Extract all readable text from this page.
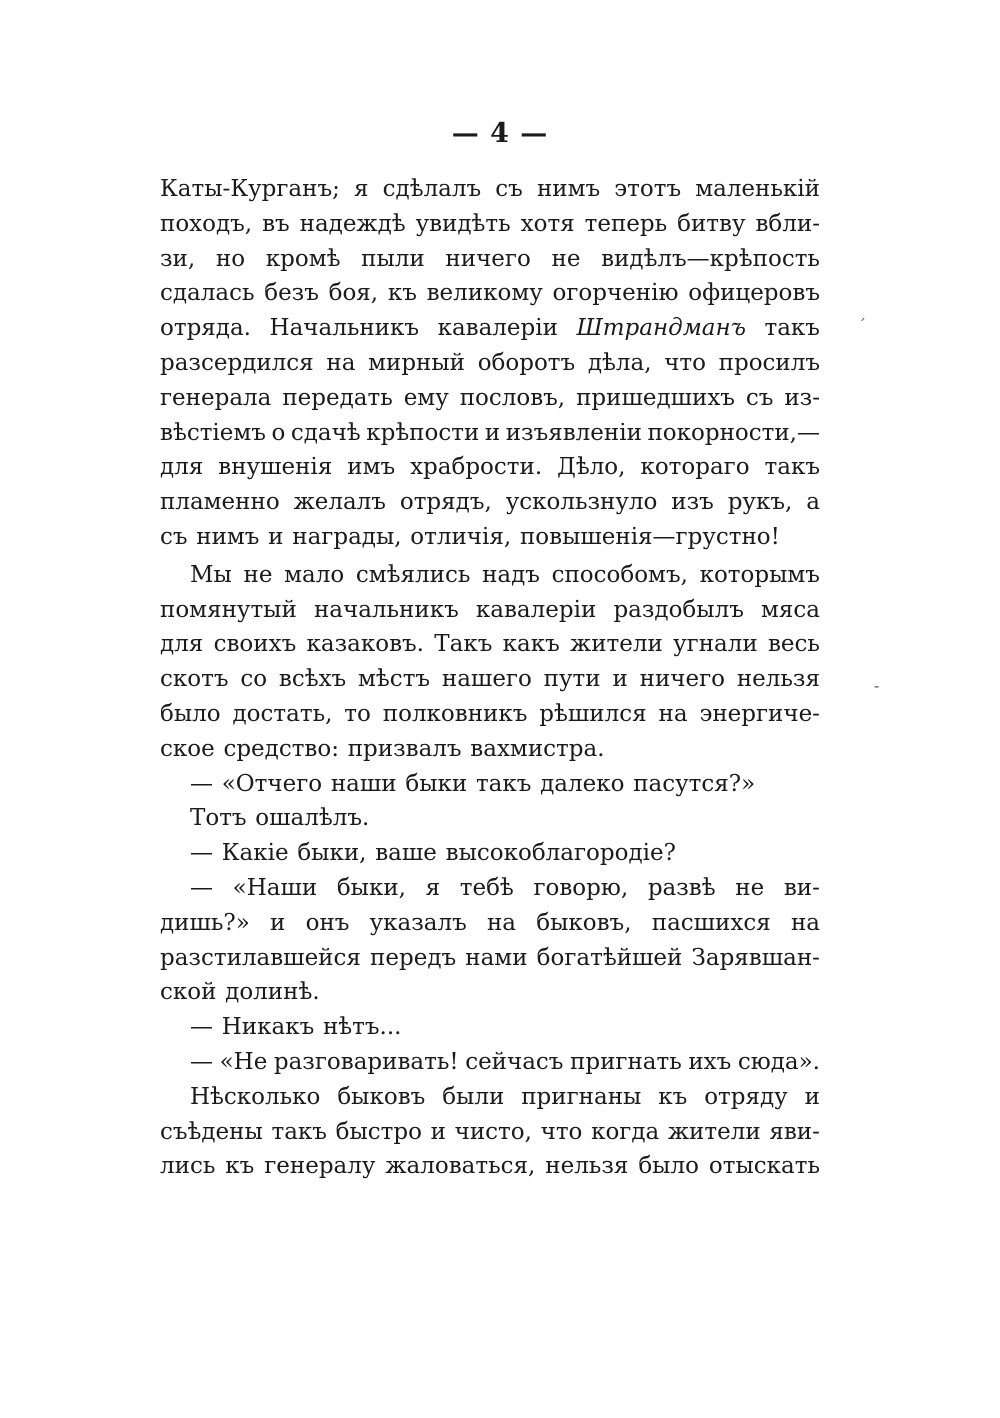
— 4 —
Каты-Курганъ; я сдѣлалъ съ нимъ этотъ маленькій
походъ, въ надеждѣ увидѣть хотя теперь битву вбли-
зи, но кромѣ пыли ничего не видѣлъ—крѣпость
сдалась безъ боя, къ великому огорченію офицеровъ
отряда. Начальникъ кавалеріи Штрандманъ такъ
разсердился на мирный оборотъ дѣла, что просилъ
генерала передать ему пословъ, пришедшихъ съ из-
вѣстіемъ о сдачѣ крѣпости и изъявленіи покорности,—
для внушенія имъ храбрости. Дѣло, котораго такъ
пламенно желалъ отрядъ, ускользнуло изъ рукъ, а
съ нимъ и награды, отличія, повышенія—грустно!
Мы не мало смѣялись надъ способомъ, которымъ
помянутый начальникъ кавалеріи раздобылъ мяса
для своихъ казаковъ. Такъ какъ жители угнали весь
скотъ со всѣхъ мѣстъ нашего пути и ничего нельзя
было достать, то полковникъ рѣшился на энергиче-
ское средство: призвалъ вахмистра.
— «Отчего наши быки такъ далеко пасутся?»
Тотъ ошалѣлъ.
— Какіе быки, ваше высокоблагородіе?
— «Наши быки, я тебѣ говорю, развѣ не ви-
дишь?» и онъ указалъ на быковъ, пасшихся на
разстилавшейся передъ нами богатѣйшей Зарявшан-
ской долинѣ.
— Никакъ нѣтъ...
— «Не разговаривать! сейчасъ пригнать ихъ сюда».
Нѣсколько быковъ были пригнаны къ отряду и
съѣдены такъ быстро и чисто, что когда жители яви-
лись къ генералу жаловаться, нельзя было отыскать
ˊ
-
